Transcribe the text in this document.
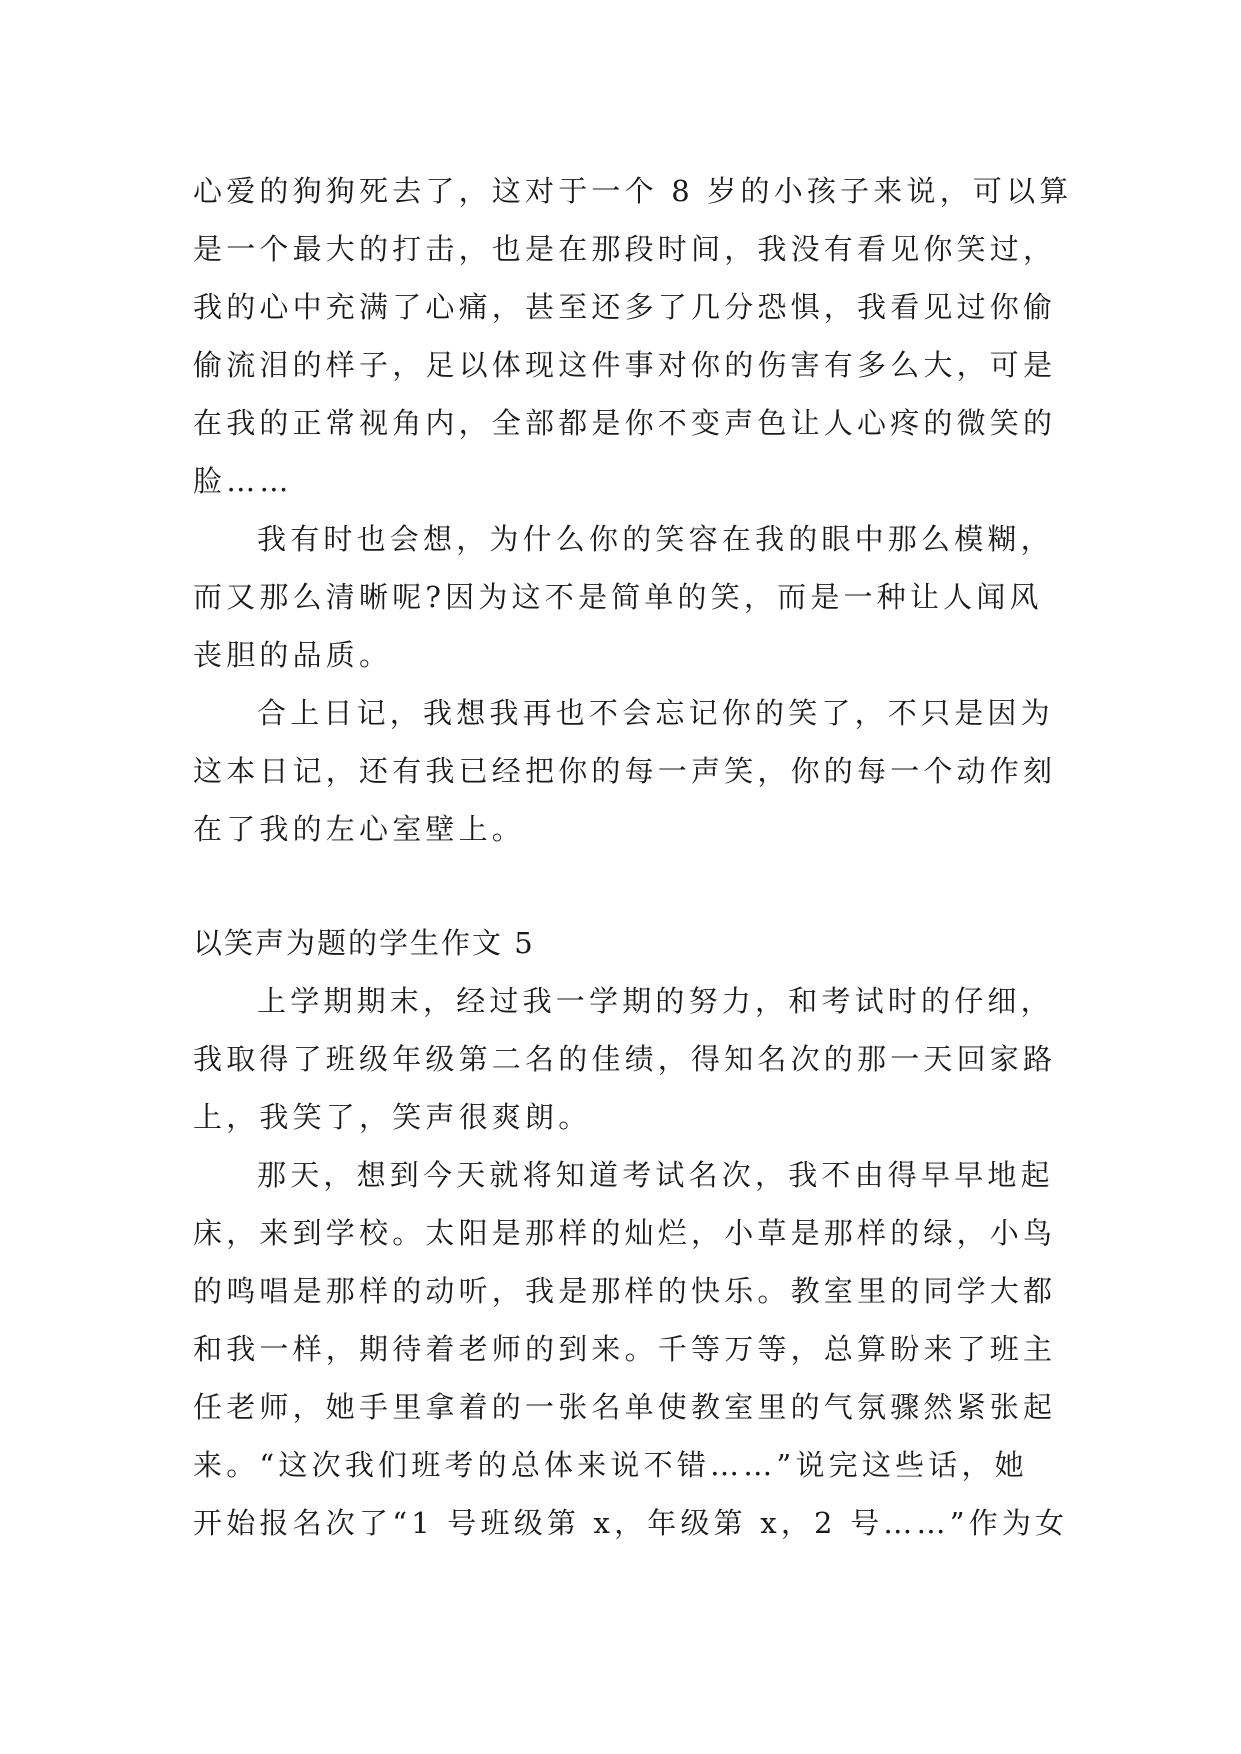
心爱的狗狗死去了，这对于一个 8 岁的小孩子来说，可以算
是一个最大的打击，也是在那段时间，我没有看见你笑过，
我的心中充满了心痛，甚至还多了几分恐惧，我看见过你偷
偷流泪的样子，足以体现这件事对你的伤害有多么大，可是
在我的正常视角内，全部都是你不变声色让人心疼的微笑的
脸……
我有时也会想，为什么你的笑容在我的眼中那么模糊，
而又那么清晰呢?因为这不是简单的笑，而是一种让人闻风
丧胆的品质。
合上日记，我想我再也不会忘记你的笑了，不只是因为
这本日记，还有我已经把你的每一声笑，你的每一个动作刻
在了我的左心室壁上。
以笑声为题的学生作文 5
上学期期末，经过我一学期的努力，和考试时的仔细，
我取得了班级年级第二名的佳绩，得知名次的那一天回家路
上，我笑了，笑声很爽朗。
那天，想到今天就将知道考试名次，我不由得早早地起
床，来到学校。太阳是那样的灿烂，小草是那样的绿，小鸟
的鸣唱是那样的动听，我是那样的快乐。教室里的同学大都
和我一样，期待着老师的到来。千等万等，总算盼来了班主
任老师，她手里拿着的一张名单使教室里的气氛骤然紧张起
来。“这次我们班考的总体来说不错……”说完这些话，她
开始报名次了“1 号班级第 x，年级第 x，2 号……”作为女
